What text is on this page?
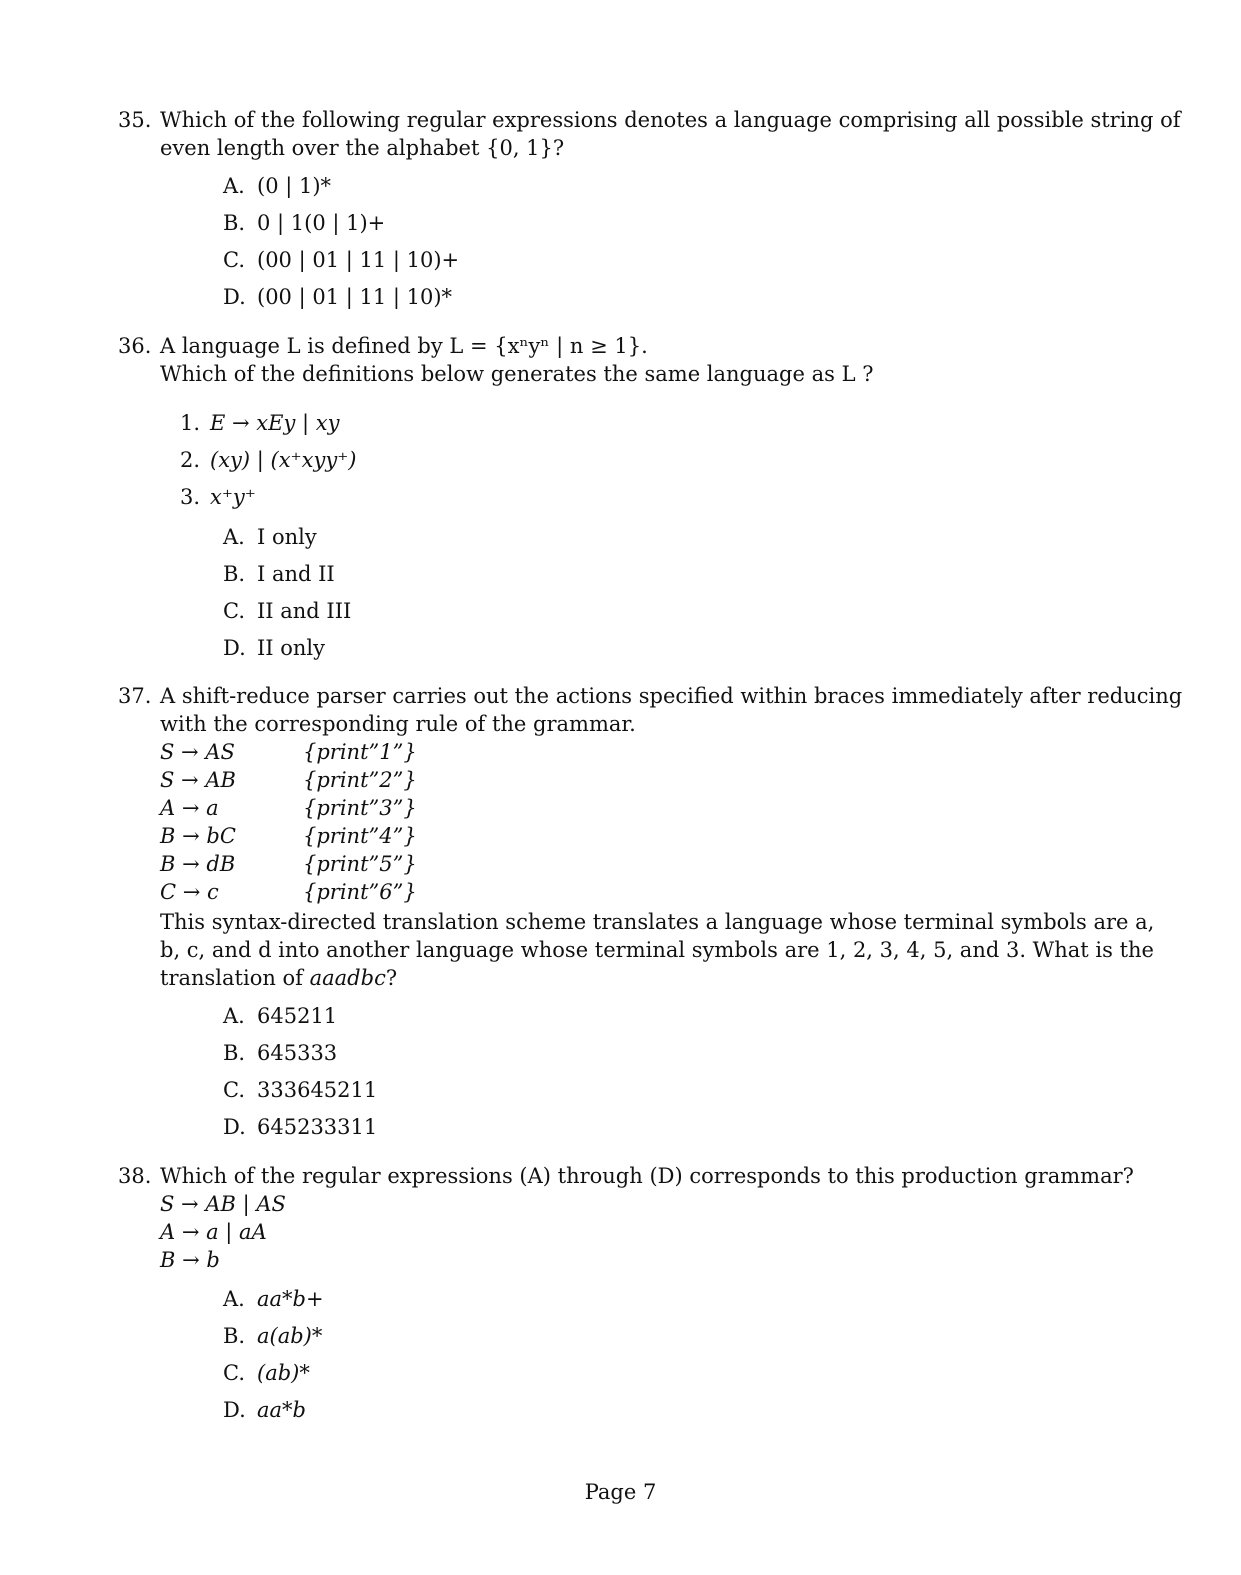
35. Which of the following regular expressions denotes a language comprising all possible string of
even length over the alphabet {0, 1}?
A. (0 | 1)*
B. 0 | 1(0 | 1)+
C. (00 | 01 | 11 | 10)+
D. (00 | 01 | 11 | 10)*
36. A language L is defined by L = {xⁿyⁿ | n ≥ 1}.
Which of the definitions below generates the same language as L ?
1. E → xEy | xy
2. (xy) | (x⁺xyy⁺)
3. x⁺y⁺
A. I only
B. I and II
C. II and III
D. II only
37. A shift-reduce parser carries out the actions specified within braces immediately after reducing
with the corresponding rule of the grammar.
S → AS	{print”1”}
S → AB	{print”2”}
A → a	{print”3”}
B → bC	{print”4”}
B → dB	{print”5”}
C → c	{print”6”}
This syntax-directed translation scheme translates a language whose terminal symbols are a,
b, c, and d into another language whose terminal symbols are 1, 2, 3, 4, 5, and 3. What is the
translation of aaadbc?
A. 645211
B. 645333
C. 333645211
D. 645233311
38. Which of the regular expressions (A) through (D) corresponds to this production grammar?
S → AB | AS
A → a | aA
B → b
A. aa*b+
B. a(ab)*
C. (ab)*
D. aa*b
Page 7
